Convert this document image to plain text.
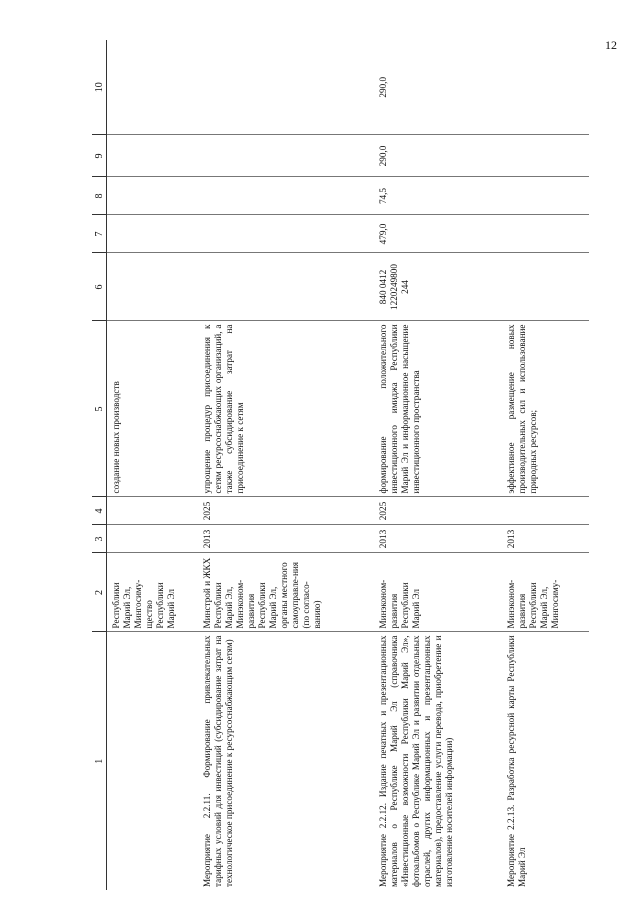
12
1	2	3	4	5	6	7	8	9	10
	Республики Марий Эл, Мингосиму-щество Республики Марий Эл			создание новых производств					
Мероприятие 2.2.11. Формирование привлекательных тарифных условий для инвестиций (субсидирование затрат на технологическое присоединение к ресурсоснабжающим сетям)	Минстрой и ЖКХ Республики Марий Эл, Минэконом-развития Республики Марий Эл, органы местного самоуправле-ния (по согласо-ванию)	2013	2025	упрощение процедур присоединения к сетям ресурсоснабжающих организаций, а также субсидирование затрат на присоединение к сетям					
Мероприятие 2.2.12. Издание печатных и презентационных материалов о Республике Марий Эл (справочника «Инвестиционные возможности Республики Марий Эл», фотоальбомов о Республике Марий Эл и развитии отдельных отраслей, других информационных и презентационных материалов), предоставление услуги перевода, приобретение и изготовление носителей информации)	Минэконом-развития Республики Марий Эл	2013	2025	формирование положительного инвестиционного имиджа Республики Марий Эл и информационное насыщение инвестиционного пространства	840 0412 1220249800 244	479,0	74,5	290,0	290,0
Мероприятие 2.2.13. Разработка ресурсной карты Республики Марий Эл	Минэконом-развития Республики Марий Эл, Мингосиму-	2013		эффективное размещение новых производительных сил и использование природных ресурсов;					
